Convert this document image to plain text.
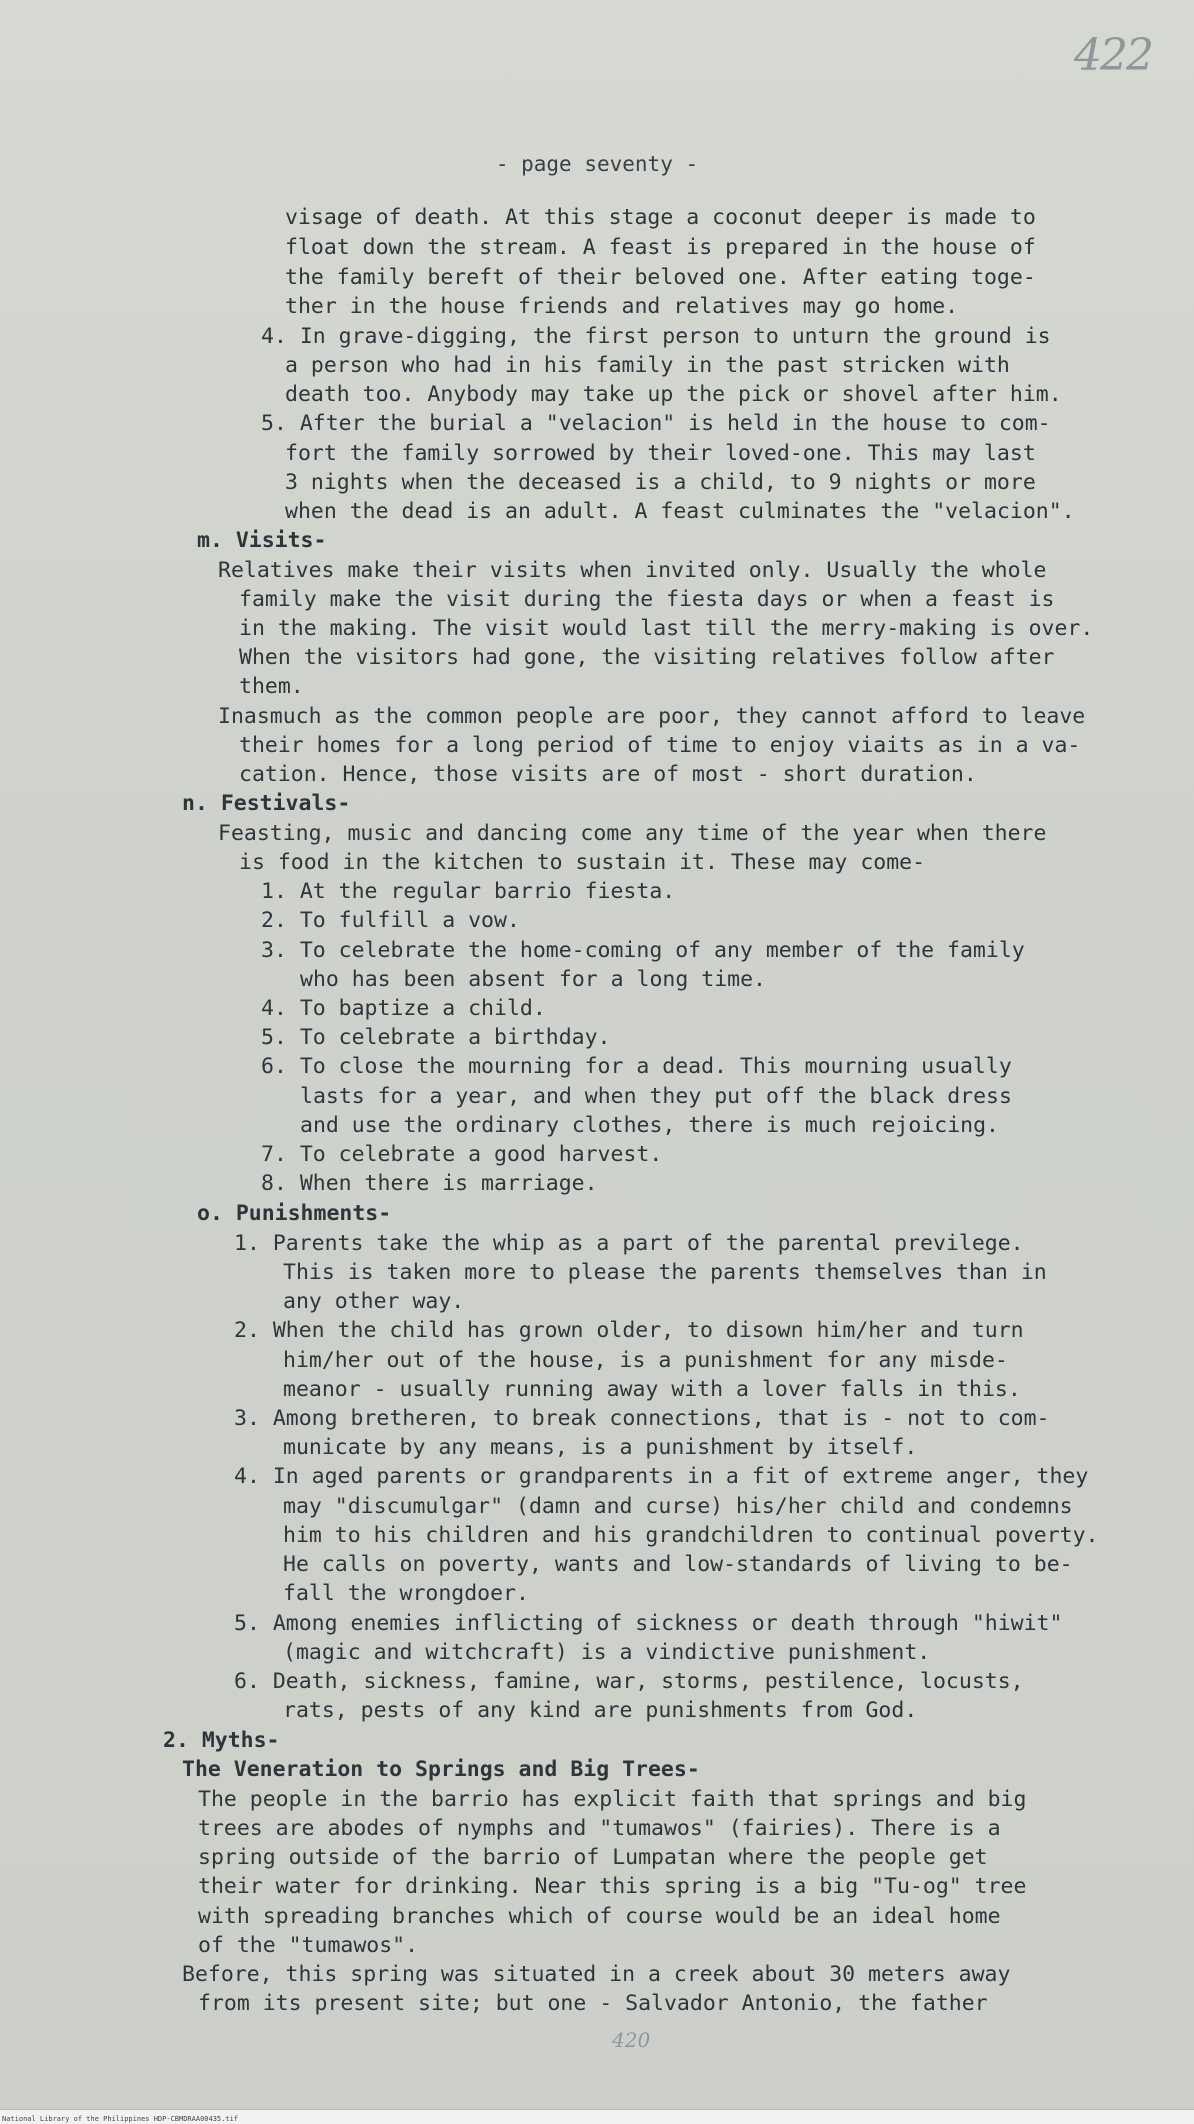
422
- page seventy -
visage of death. At this stage a coconut deeper is made to
float down the stream. A feast is prepared in the house of
the family bereft of their beloved one. After eating toge-
ther in the house friends and relatives may go home.
4. In grave-digging, the first person to unturn the ground is
a person who had in his family in the past stricken with
death too. Anybody may take up the pick or shovel after him.
5. After the burial a "velacion" is held in the house to com-
fort the family sorrowed by their loved-one. This may last
3 nights when the deceased is a child, to 9 nights or more
when the dead is an adult. A feast culminates the "velacion".
m. Visits-
Relatives make their visits when invited only. Usually the whole
family make the visit during the fiesta days or when a feast is
in the making. The visit would last till the merry-making is over.
When the visitors had gone, the visiting relatives follow after
them.
Inasmuch as the common people are poor, they cannot afford to leave
their homes for a long period of time to enjoy viaits as in a va-
cation. Hence, those visits are of most - short duration.
n. Festivals-
Feasting, music and dancing come any time of the year when there
is food in the kitchen to sustain it. These may come-
1. At the regular barrio fiesta.
2. To fulfill a vow.
3. To celebrate the home-coming of any member of the family
who has been absent for a long time.
4. To baptize a child.
5. To celebrate a birthday.
6. To close the mourning for a dead. This mourning usually
lasts for a year, and when they put off the black dress
and use the ordinary clothes, there is much rejoicing.
7. To celebrate a good harvest.
8. When there is marriage.
o. Punishments-
1. Parents take the whip as a part of the parental previlege.
This is taken more to please the parents themselves than in
any other way.
2. When the child has grown older, to disown him/her and turn
him/her out of the house, is a punishment for any misde-
meanor - usually running away with a lover falls in this.
3. Among bretheren, to break connections, that is - not to com-
municate by any means, is a punishment by itself.
4. In aged parents or grandparents in a fit of extreme anger, they
may "discumulgar" (damn and curse) his/her child and condemns
him to his children and his grandchildren to continual poverty.
He calls on poverty, wants and low-standards of living to be-
fall the wrongdoer.
5. Among enemies inflicting of sickness or death through "hiwit"
(magic and witchcraft) is a vindictive punishment.
6. Death, sickness, famine, war, storms, pestilence, locusts,
rats, pests of any kind are punishments from God.
2. Myths-
The Veneration to Springs and Big Trees-
The people in the barrio has explicit faith that springs and big
trees are abodes of nymphs and "tumawos" (fairies). There is a
spring outside of the barrio of Lumpatan where the people get
their water for drinking. Near this spring is a big "Tu-og" tree
with spreading branches which of course would be an ideal home
of the "tumawos".
Before, this spring was situated in a creek about 30 meters away
from its present site; but one - Salvador Antonio, the father
420
National Library of the Philippines HDP-CBMDRAA00435.tif
